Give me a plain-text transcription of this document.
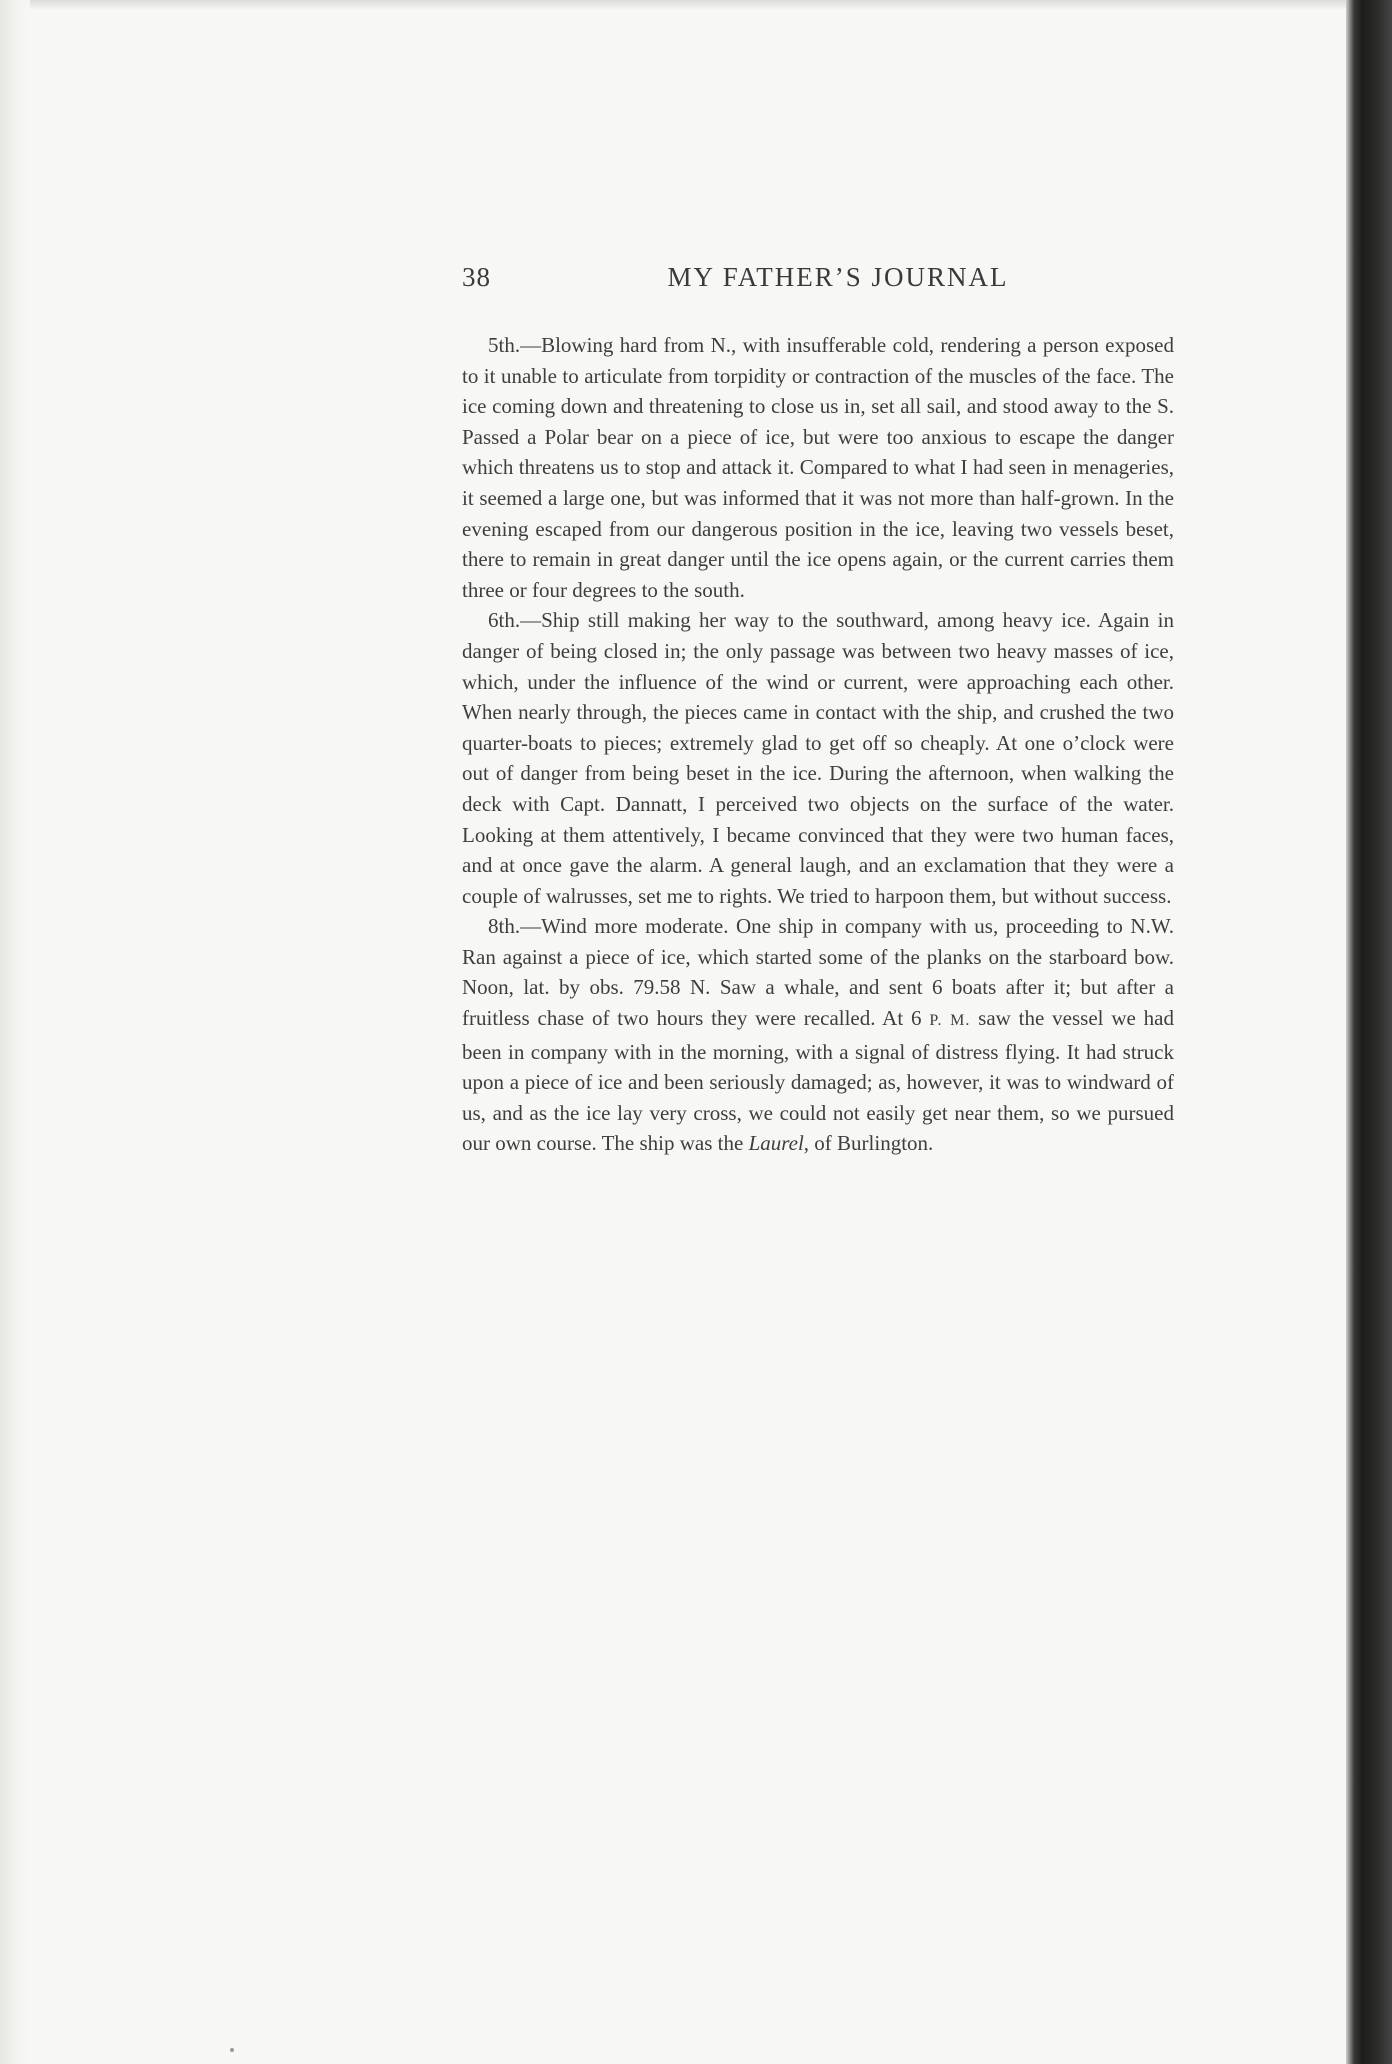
38	MY FATHER’S JOURNAL

5th.—Blowing hard from N., with insufferable cold, rendering a person exposed to it unable to articulate from torpidity or contraction of the muscles of the face. The ice coming down and threatening to close us in, set all sail, and stood away to the S. Passed a Polar bear on a piece of ice, but were too anxious to escape the danger which threatens us to stop and attack it. Compared to what I had seen in menageries, it seemed a large one, but was informed that it was not more than half-grown. In the evening escaped from our dangerous position in the ice, leaving two vessels beset, there to remain in great danger until the ice opens again, or the current carries them three or four degrees to the south.

6th.—Ship still making her way to the southward, among heavy ice. Again in danger of being closed in; the only passage was between two heavy masses of ice, which, under the influence of the wind or current, were approaching each other. When nearly through, the pieces came in contact with the ship, and crushed the two quarter-boats to pieces; extremely glad to get off so cheaply. At one o’clock were out of danger from being beset in the ice. During the afternoon, when walking the deck with Capt. Dannatt, I perceived two objects on the surface of the water. Looking at them attentively, I became convinced that they were two human faces, and at once gave the alarm. A general laugh, and an exclamation that they were a couple of walrusses, set me to rights. We tried to harpoon them, but without success.

8th.—Wind more moderate. One ship in company with us, proceeding to N.W. Ran against a piece of ice, which started some of the planks on the starboard bow. Noon, lat. by obs. 79.58 N. Saw a whale, and sent 6 boats after it; but after a fruitless chase of two hours they were recalled. At 6 P. M. saw the vessel we had been in company with in the morning, with a signal of distress flying. It had struck upon a piece of ice and been seriously damaged; as, however, it was to windward of us, and as the ice lay very cross, we could not easily get near them, so we pursued our own course. The ship was the Laurel, of Burlington.
